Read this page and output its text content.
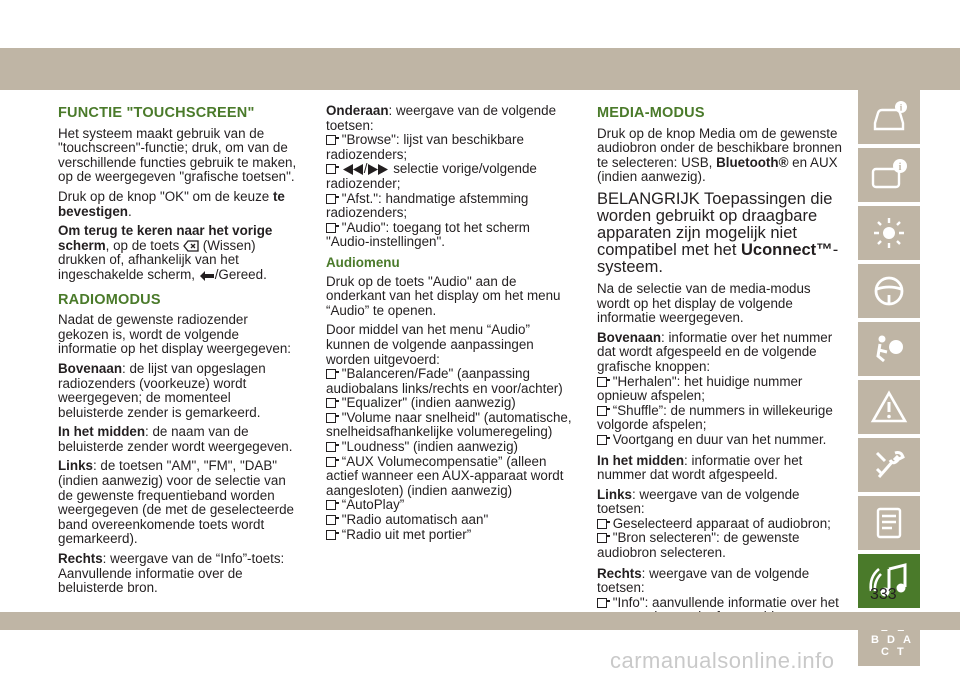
FUNCTIE "TOUCHSCREEN"

Het systeem maakt gebruik van de "touchscreen"-functie; druk, om van de verschillende functies gebruik te maken, op de weergegeven "grafische toetsen".

Druk op de knop "OK" om de keuze te bevestigen.

Om terug te keren naar het vorige scherm, op de toets
(Wissen) drukken of, afhankelijk van het ingeschakelde scherm,
/Gereed.

RADIOMODUS

Nadat de gewenste radiozender gekozen is, wordt de volgende informatie op het display weergegeven:

Bovenaan: de lijst van opgeslagen radiozenders (voorkeuze) wordt weergegeven; de momenteel beluisterde zender is gemarkeerd.

In het midden: de naam van de beluisterde zender wordt weergegeven.

Links: de toetsen "AM", "FM", "DAB" (indien aanwezig) voor de selectie van de gewenste frequentieband worden weergegeven (de met de geselecteerde band overeenkomende toets wordt gemarkeerd).

Rechts: weergave van de “Info”-toets: Aanvullende informatie over de beluisterde bron.

Onderaan: weergave van de volgende toetsen:

"Browse": lijst van beschikbare radiozenders;

/
selectie vorige/volgende radiozender;

"Afst.": handmatige afstemming radiozenders;

"Audio": toegang tot het scherm "Audio-instellingen".

Audiomenu

Druk op de toets "Audio" aan de onderkant van het display om het menu “Audio” te openen.

Door middel van het menu “Audio” kunnen de volgende aanpassingen worden uitgevoerd:

"Balanceren/Fade" (aanpassing audiobalans links/rechts en voor/achter)

"Equalizer" (indien aanwezig)

"Volume naar snelheid" (automatische, snelheidsafhankelijke volumeregeling)

"Loudness" (indien aanwezig)

“AUX Volumecompensatie” (alleen actief wanneer een AUX-apparaat wordt aangesloten) (indien aanwezig)

“AutoPlay”

"Radio automatisch aan"

“Radio uit met portier”

MEDIA-MODUS

Druk op de knop Media om de gewenste audiobron onder de beschikbare bronnen te selecteren: USB, Bluetooth® en AUX (indien aanwezig).

BELANGRIJK Toepassingen die worden gebruikt op draagbare apparaten zijn mogelijk niet compatibel met het Uconnect™-systeem.

Na de selectie van de media-modus wordt op het display de volgende informatie weergegeven.

Bovenaan: informatie over het nummer dat wordt afgespeeld en de volgende grafische knoppen:

"Herhalen": het huidige nummer opnieuw afspelen;

“Shuffle”: de nummers in willekeurige volgorde afspelen;

Voortgang en duur van het nummer.

In het midden: informatie over het nummer dat wordt afgespeeld.

Links: weergave van de volgende toetsen:

Geselecteerd apparaat of audiobron;

"Bron selecteren": de gewenste audiobron selecteren.

Rechts: weergave van de volgende toetsen:

"Info": aanvullende informatie over het

i
i
B D
C T
A
333
carmanualsonline.info
